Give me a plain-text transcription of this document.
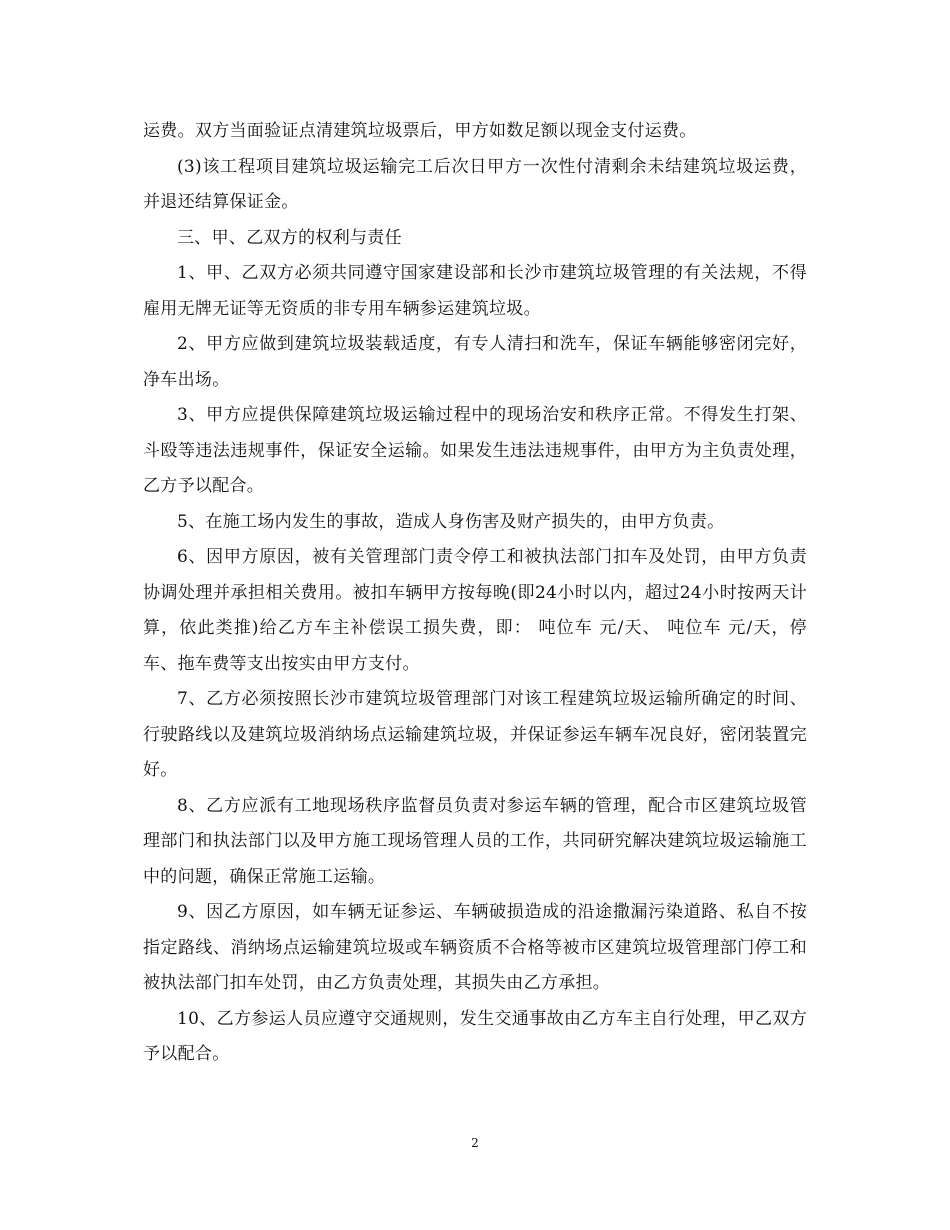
运费。双方当面验证点清建筑垃圾票后，甲方如数足额以现金支付运费。

(3)该工程项目建筑垃圾运输完工后次日甲方一次性付清剩余未结建筑垃圾运费，并退还结算保证金。

三、甲、乙双方的权利与责任

1、甲、乙双方必须共同遵守国家建设部和长沙市建筑垃圾管理的有关法规，不得雇用无牌无证等无资质的非专用车辆参运建筑垃圾。

2、甲方应做到建筑垃圾装载适度，有专人清扫和洗车，保证车辆能够密闭完好，净车出场。

3、甲方应提供保障建筑垃圾运输过程中的现场治安和秩序正常。不得发生打架、斗殴等违法违规事件，保证安全运输。如果发生违法违规事件，由甲方为主负责处理，乙方予以配合。

5、在施工场内发生的事故，造成人身伤害及财产损失的，由甲方负责。

6、因甲方原因，被有关管理部门责令停工和被执法部门扣车及处罚，由甲方负责协调处理并承担相关费用。被扣车辆甲方按每晚(即24小时以内，超过24小时按两天计算，依此类推)给乙方车主补偿误工损失费，即： 吨位车 元/天、 吨位车 元/天，停车、拖车费等支出按实由甲方支付。

7、乙方必须按照长沙市建筑垃圾管理部门对该工程建筑垃圾运输所确定的时间、行驶路线以及建筑垃圾消纳场点运输建筑垃圾，并保证参运车辆车况良好，密闭装置完好。

8、乙方应派有工地现场秩序监督员负责对参运车辆的管理，配合市区建筑垃圾管理部门和执法部门以及甲方施工现场管理人员的工作，共同研究解决建筑垃圾运输施工中的问题，确保正常施工运输。

9、因乙方原因，如车辆无证参运、车辆破损造成的沿途撒漏污染道路、私自不按指定路线、消纳场点运输建筑垃圾或车辆资质不合格等被市区建筑垃圾管理部门停工和被执法部门扣车处罚，由乙方负责处理，其损失由乙方承担。

10、乙方参运人员应遵守交通规则，发生交通事故由乙方车主自行处理，甲乙双方予以配合。

2
